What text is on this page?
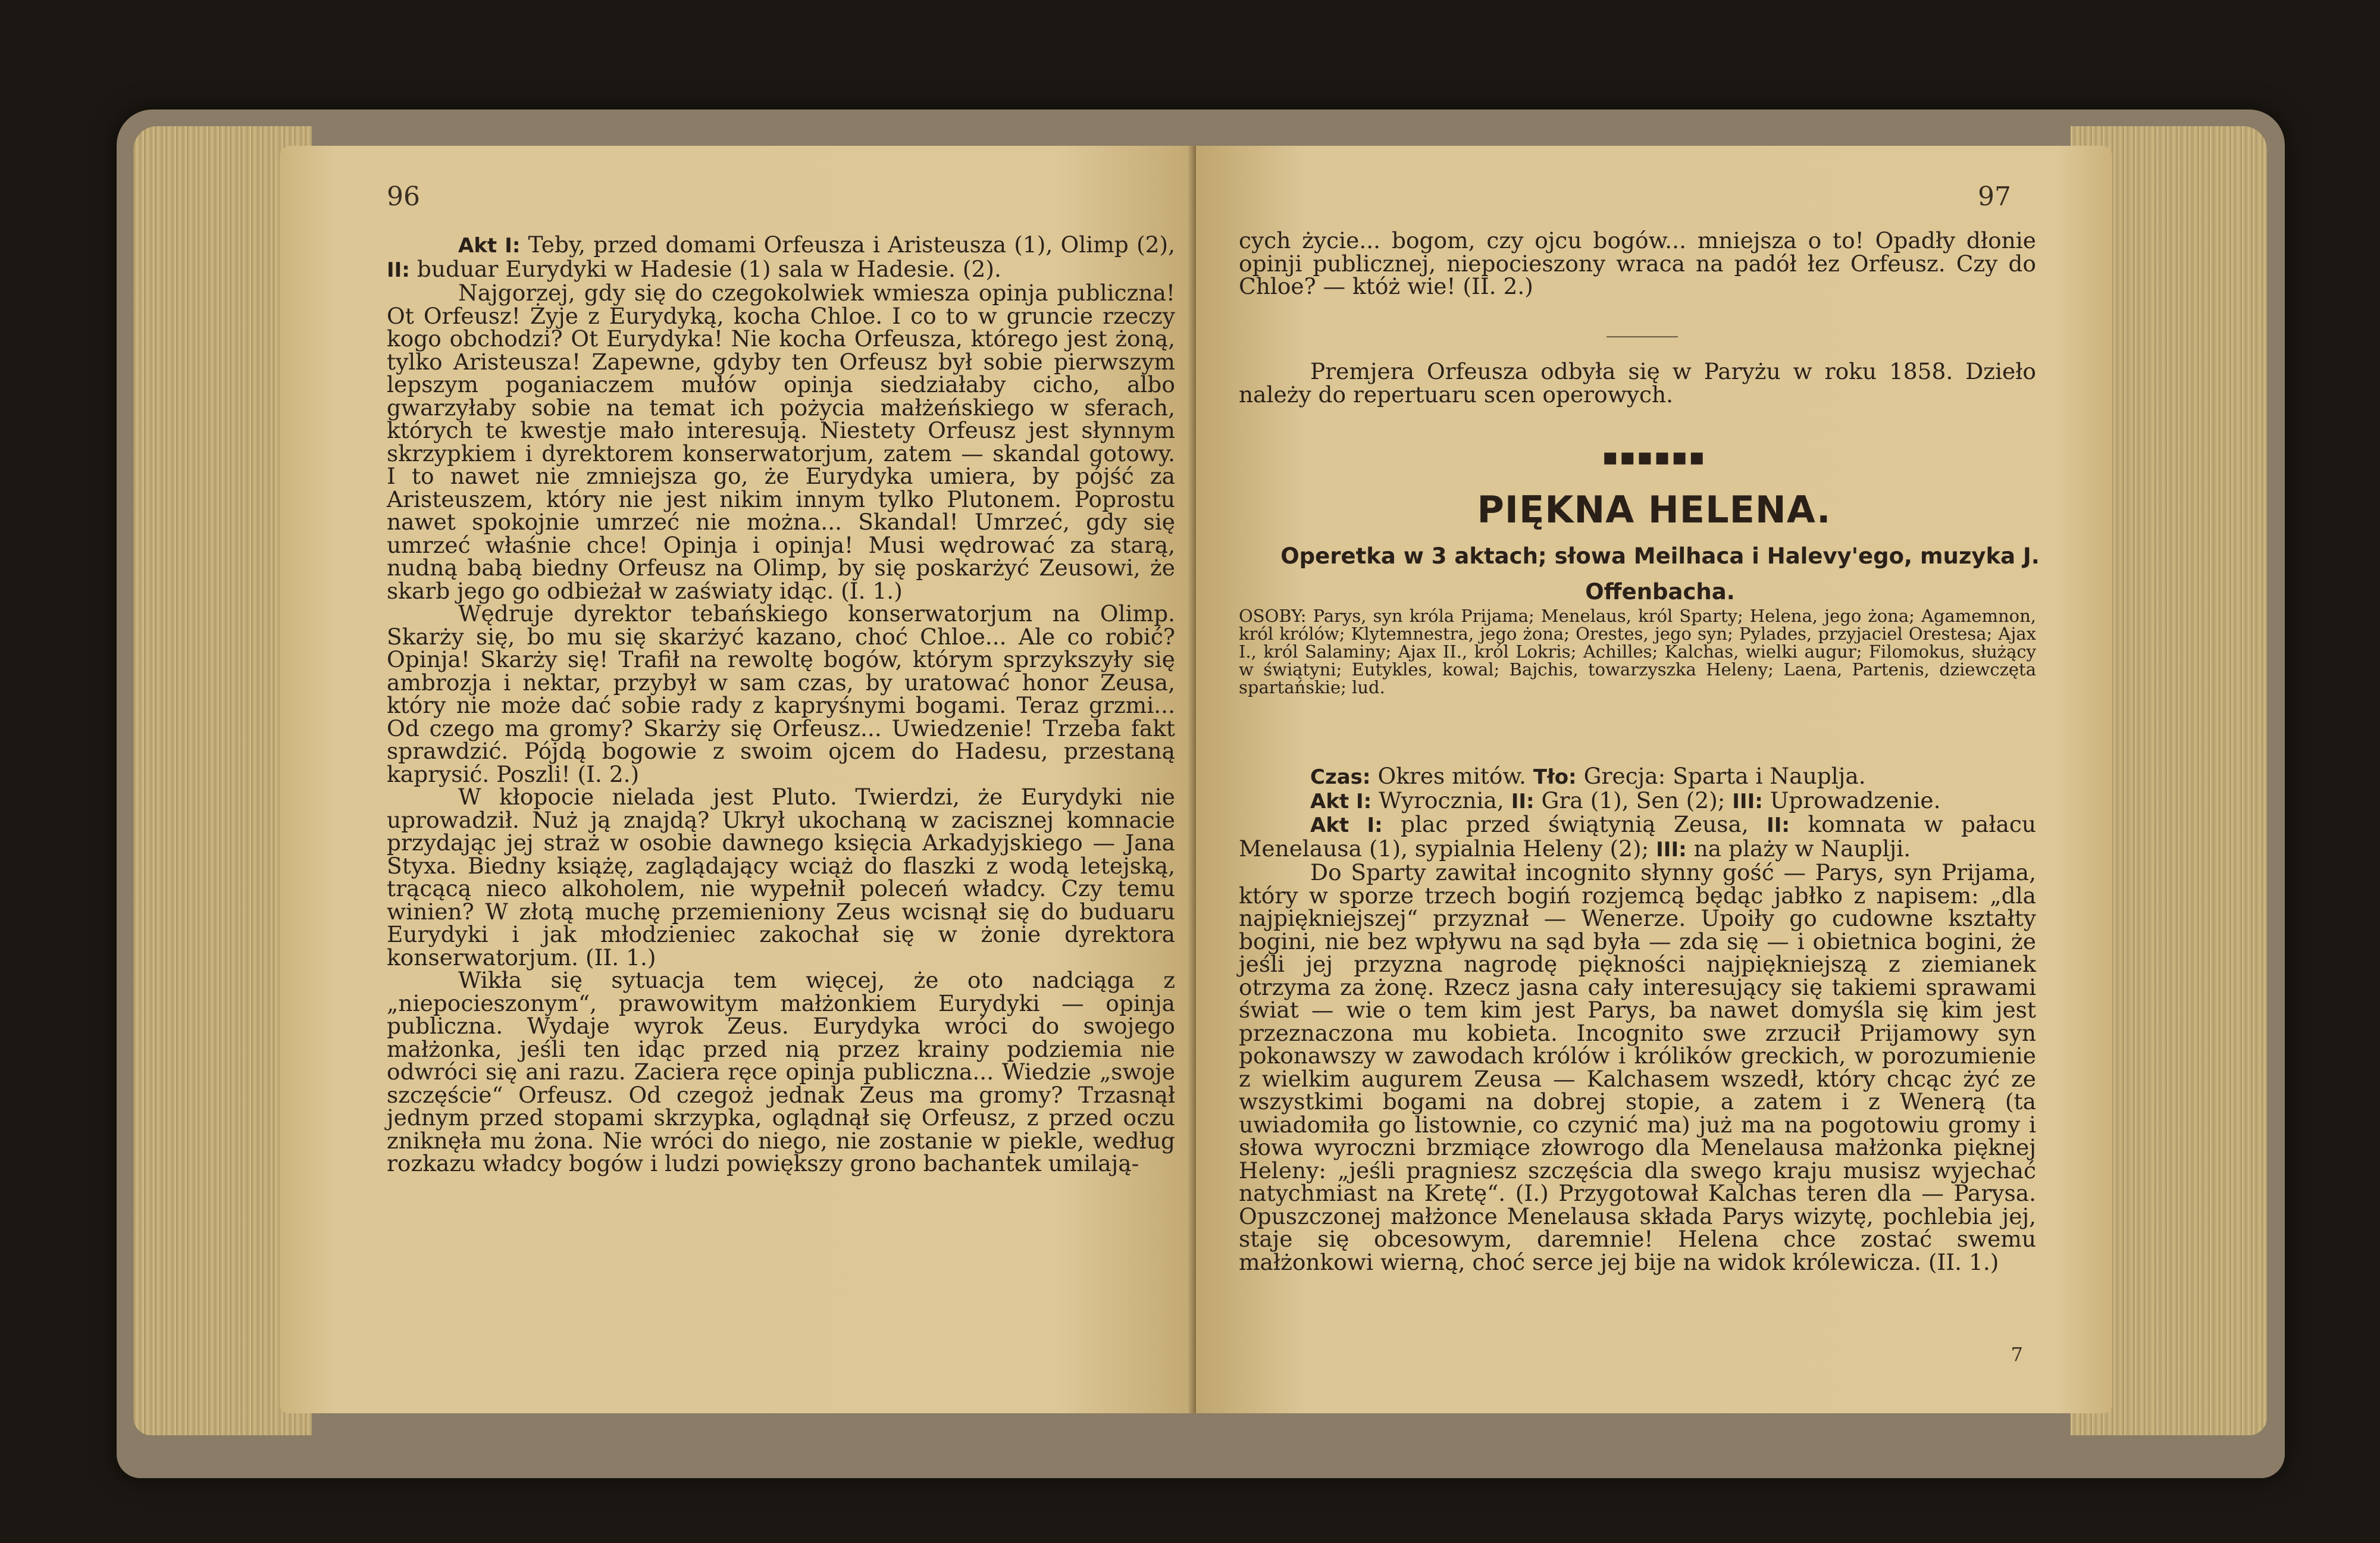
96

Akt I: Teby, przed domami Orfeusza i Aristeusza (1), Olimp (2), II: buduar Eurydyki w Hadesie (1) sala w Hadesie. (2).

Najgorzej, gdy się do czegokolwiek wmiesza opinja publiczna! Ot Orfeusz! Żyje z Eurydyką, kocha Chloe. I co to w gruncie rzeczy kogo obchodzi? Ot Eurydyka! Nie kocha Orfeusza, którego jest żoną, tylko Aristeusza! Zapewne, gdyby ten Orfeusz był sobie pierwszym lepszym poganiaczem mułów opinja siedziałaby cicho, albo gwarzyłaby sobie na temat ich pożycia małżeńskiego w sferach, których te kwestje mało interesują. Niestety Orfeusz jest słynnym skrzypkiem i dyrektorem konserwatorjum, zatem — skandal gotowy. I to nawet nie zmniejsza go, że Eurydyka umiera, by pójść za Aristeuszem, który nie jest nikim innym tylko Plutonem. Poprostu nawet spokojnie umrzeć nie można... Skandal! Umrzeć, gdy się umrzeć właśnie chce! Opinja i opinja! Musi wędrować za starą, nudną babą biedny Orfeusz na Olimp, by się poskarżyć Zeusowi, że skarb jego go odbieżał w zaświaty idąc. (I. 1.)

Wędruje dyrektor tebańskiego konserwatorjum na Olimp. Skarży się, bo mu się skarżyć kazano, choć Chloe... Ale co robić? Opinja! Skarży się! Trafił na rewoltę bogów, którym sprzykszyły się ambrozja i nektar, przybył w sam czas, by uratować honor Zeusa, który nie może dać sobie rady z kapryśnymi bogami. Teraz grzmi... Od czego ma gromy? Skarży się Orfeusz... Uwiedzenie! Trzeba fakt sprawdzić. Pójdą bogowie z swoim ojcem do Hadesu, przestaną kaprysić. Poszli! (I. 2.)

W kłopocie nielada jest Pluto. Twierdzi, że Eurydyki nie uprowadził. Nuż ją znajdą? Ukrył ukochaną w zacisznej komnacie przydając jej straż w osobie dawnego księcia Arkadyjskiego — Jana Styxa. Biedny książę, zaglądający wciąż do flaszki z wodą letejską, trącącą nieco alkoholem, nie wypełnił poleceń władcy. Czy temu winien? W złotą muchę przemieniony Zeus wcisnął się do buduaru Eurydyki i jak młodzieniec zakochał się w żonie dyrektora konserwatorjum. (II. 1.)

Wikła się sytuacja tem więcej, że oto nadciąga z „niepocieszonym“, prawowitym małżonkiem Eurydyki — opinja publiczna. Wydaje wyrok Zeus. Eurydyka wróci do swojego małżonka, jeśli ten idąc przed nią przez krainy podziemia nie odwróci się ani razu. Zaciera ręce opinja publiczna... Wiedzie „swoje szczęście“ Orfeusz. Od czegoż jednak Zeus ma gromy? Trzasnął jednym przed stopami skrzypka, oglądnął się Orfeusz, z przed oczu zniknęła mu żona. Nie wróci do niego, nie zostanie w piekle, według rozkazu władcy bogów i ludzi powiększy grono bachantek umilają-

97

cych życie... bogom, czy ojcu bogów... mniejsza o to! Opadły dłonie opinji publicznej, niepocieszony wraca na padół łez Orfeusz. Czy do Chloe? — któż wie! (II. 2.)

Premjera Orfeusza odbyła się w Paryżu w roku 1858. Dzieło należy do repertuaru scen operowych.

▪▪▪▪▪▪
PIĘKNA HELENA.
Operetka w 3 aktach; słowa Meilhaca i Halevy'ego, muzyka J. Offenbacha.
OSOBY: Parys, syn króla Prijama; Menelaus, król Sparty; Helena, jego żona; Agamemnon, król królów; Klytemnestra, jego żona; Orestes, jego syn; Pylades, przyjaciel Orestesa; Ajax I., król Salaminy; Ajax II., król Lokris; Achilles; Kalchas, wielki augur; Filomokus, służący w świątyni; Eutykles, kowal; Bajchis, towarzyszka Heleny; Laena, Partenis, dziewczęta spartańskie; lud.

Czas: Okres mitów. Tło: Grecja: Sparta i Nauplja.

Akt I: Wyrocznia, II: Gra (1), Sen (2); III: Uprowadzenie.

Akt I: plac przed świątynią Zeusa, II: komnata w pałacu Menelausa (1), sypialnia Heleny (2); III: na plaży w Nauplji.

Do Sparty zawitał incognito słynny gość — Parys, syn Prijama, który w sporze trzech bogiń rozjemcą będąc jabłko z napisem: „dla najpiękniejszej“ przyznał — Wenerze. Upoiły go cudowne kształty bogini, nie bez wpływu na sąd była — zda się — i obietnica bogini, że jeśli jej przyzna nagrodę piękności najpiękniejszą z ziemianek otrzyma za żonę. Rzecz jasna cały interesujący się takiemi sprawami świat — wie o tem kim jest Parys, ba nawet domyśla się kim jest przeznaczona mu kobieta. Incognito swe zrzucił Prijamowy syn pokonawszy w zawodach królów i królików greckich, w porozumienie z wielkim augurem Zeusa — Kalchasem wszedł, który chcąc żyć ze wszystkimi bogami na dobrej stopie, a zatem i z Wenerą (ta uwiadomiła go listownie, co czynić ma) już ma na pogotowiu gromy i słowa wyroczni brzmiące złowrogo dla Menelausa małżonka pięknej Heleny: „jeśli pragniesz szczęścia dla swego kraju musisz wyjechać natychmiast na Kretę“. (I.) Przygotował Kalchas teren dla — Parysa. Opuszczonej małżonce Menelausa składa Parys wizytę, pochlebia jej, staje się obcesowym, daremnie! Helena chce zostać swemu małżonkowi wierną, choć serce jej bije na widok królewicza. (II. 1.)

7
